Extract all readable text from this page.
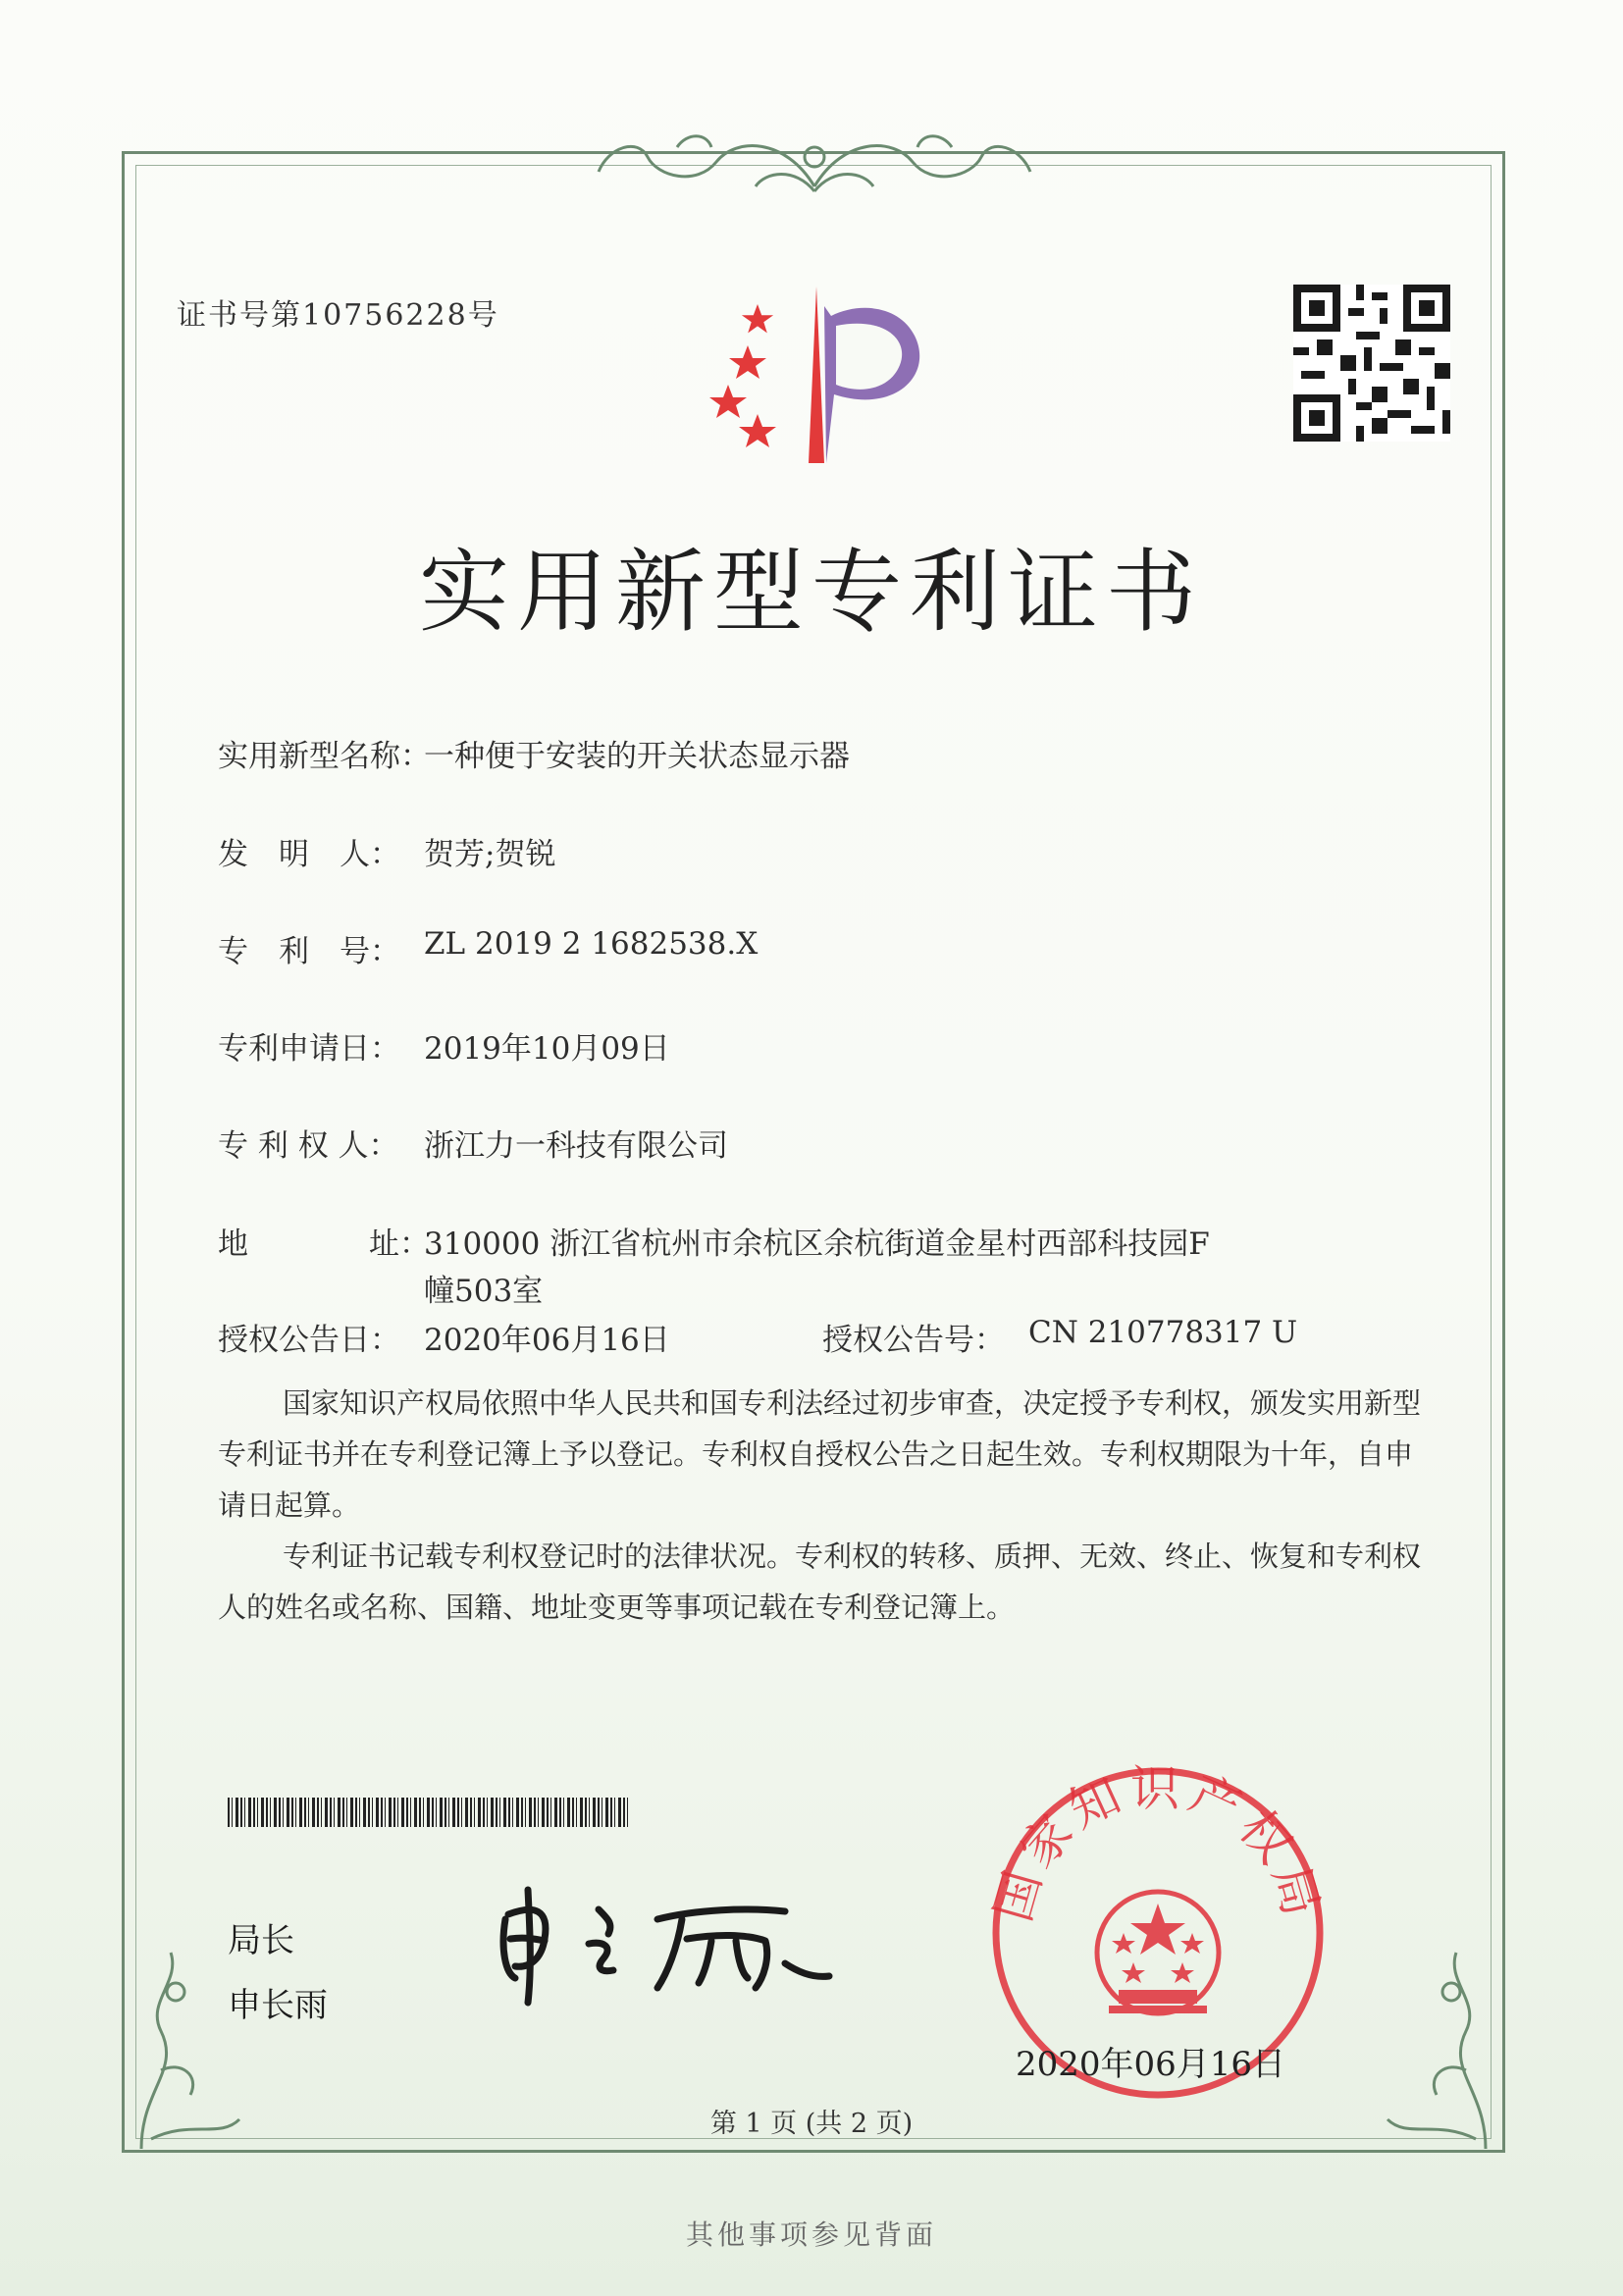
证书号第10756228号
实用新型专利证书
实用新型名称：
一种便于安装的开关状态显示器
发　明　人： 贺芳;贺锐
专　利　号： ZL 2019 2 1682538.X
专利申请日： 2019年10月09日
专 利 权 人： 浙江力一科技有限公司
地	址：
310000 浙江省杭州市余杭区余杭街道金星村西部科技园F
幢503室
授权公告日： 2020年06月16日	授权公告号： CN 210778317 U

国家知识产权局依照中华人民共和国专利法经过初步审查，决定授予专利权，颁发实用新型专利证书并在专利登记簿上予以登记。专利权自授权公告之日起生效。专利权期限为十年，自申请日起算。

专利证书记载专利权登记时的法律状况。专利权的转移、质押、无效、终止、恢复和专利权人的姓名或名称、国籍、地址变更等事项记载在专利登记簿上。

局长
申长雨
国家知识产权局
2020年06月16日
第 1 页 (共 2 页)
其他事项参见背面
